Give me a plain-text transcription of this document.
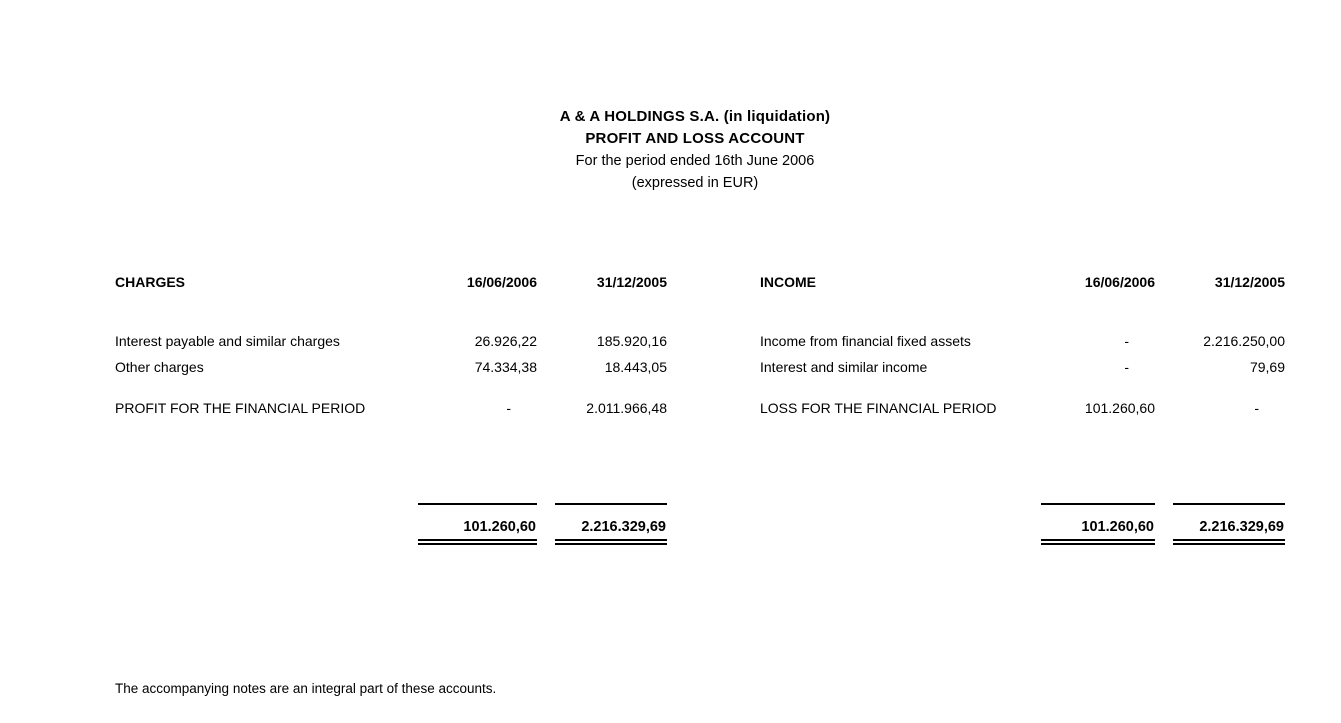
A & A HOLDINGS S.A. (in liquidation)
PROFIT AND LOSS ACCOUNT
For the period ended 16th June 2006
(expressed in EUR)
CHARGES	16/06/2006	31/12/2005
Interest payable and similar charges	26.926,22	185.920,16
Other charges	74.334,38	18.443,05
PROFIT FOR THE FINANCIAL PERIOD	-	2.011.966,48
101.260,60	2.216.329,69
INCOME	16/06/2006	31/12/2005
Income from financial fixed assets	-	2.216.250,00
Interest and similar income	-	79,69
LOSS FOR THE FINANCIAL PERIOD	101.260,60	-
101.260,60	2.216.329,69
The accompanying notes are an integral part of these accounts.
